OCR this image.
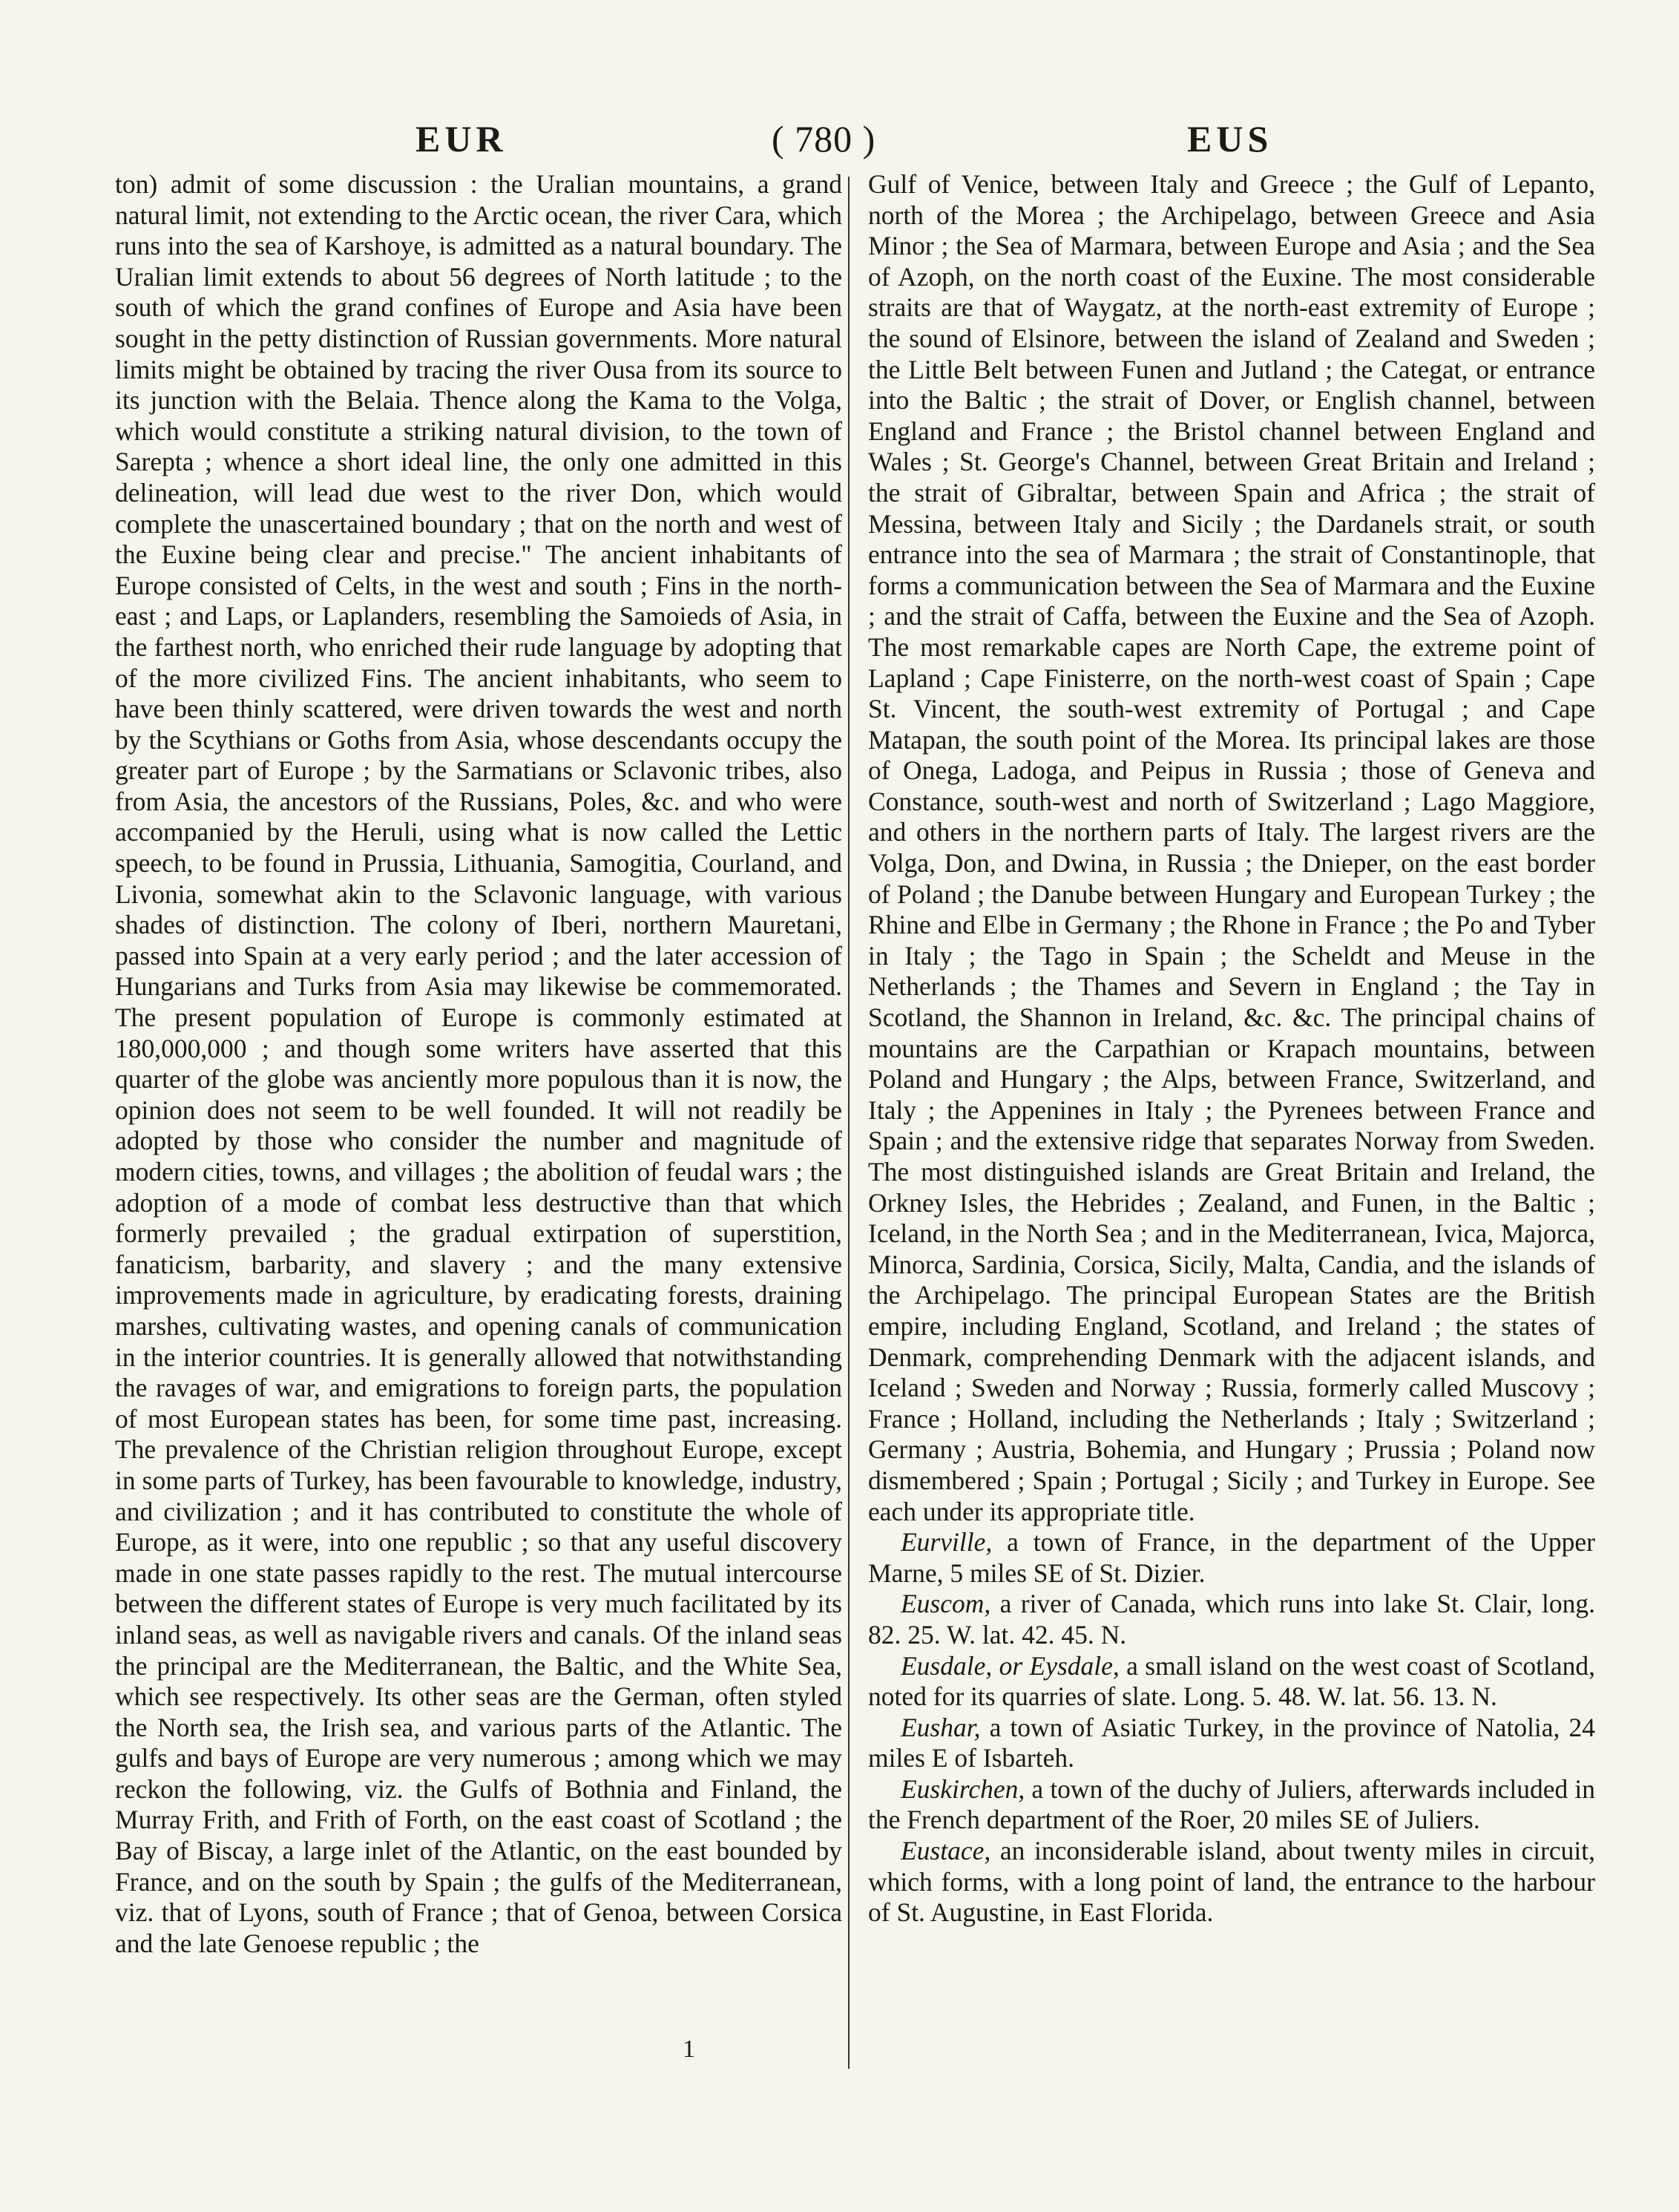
EUR	( 780 )	EUS

ton) admit of some discussion : the Uralian mountains, a grand natural limit, not extending to the Arctic ocean, the river Cara, which runs into the sea of Karshoye, is admitted as a natural boundary. The Uralian limit extends to about 56 degrees of North latitude ; to the south of which the grand confines of Europe and Asia have been sought in the petty distinction of Russian governments. More natural limits might be obtained by tracing the river Ousa from its source to its junction with the Belaia. Thence along the Kama to the Volga, which would constitute a striking natural division, to the town of Sarepta ; whence a short ideal line, the only one admitted in this delineation, will lead due west to the river Don, which would complete the unascertained boundary ; that on the north and west of the Euxine being clear and precise." The ancient inhabitants of Europe consisted of Celts, in the west and south ; Fins in the north-east ; and Laps, or Laplanders, resembling the Samoieds of Asia, in the farthest north, who enriched their rude language by adopting that of the more civilized Fins. The ancient inhabitants, who seem to have been thinly scattered, were driven towards the west and north by the Scythians or Goths from Asia, whose descendants occupy the greater part of Europe ; by the Sarmatians or Sclavonic tribes, also from Asia, the ancestors of the Russians, Poles, &c. and who were accompanied by the Heruli, using what is now called the Lettic speech, to be found in Prussia, Lithuania, Samogitia, Courland, and Livonia, somewhat akin to the Sclavonic language, with various shades of distinction. The colony of Iberi, northern Mauretani, passed into Spain at a very early period ; and the later accession of Hungarians and Turks from Asia may likewise be commemorated. The present population of Europe is commonly estimated at 180,000,000 ; and though some writers have asserted that this quarter of the globe was anciently more populous than it is now, the opinion does not seem to be well founded. It will not readily be adopted by those who consider the number and magnitude of modern cities, towns, and villages ; the abolition of feudal wars ; the adoption of a mode of combat less destructive than that which formerly prevailed ; the gradual extirpation of superstition, fanaticism, barbarity, and slavery ; and the many extensive improvements made in agriculture, by eradicating forests, draining marshes, cultivating wastes, and opening canals of communication in the interior countries. It is generally allowed that notwithstanding the ravages of war, and emigrations to foreign parts, the population of most European states has been, for some time past, increasing. The prevalence of the Christian religion throughout Europe, except in some parts of Turkey, has been favourable to knowledge, industry, and civilization ; and it has contributed to constitute the whole of Europe, as it were, into one republic ; so that any useful discovery made in one state passes rapidly to the rest. The mutual intercourse between the different states of Europe is very much facilitated by its inland seas, as well as navigable rivers and canals. Of the inland seas the principal are the Mediterranean, the Baltic, and the White Sea, which see respectively. Its other seas are the German, often styled the North sea, the Irish sea, and various parts of the Atlantic. The gulfs and bays of Europe are very numerous ; among which we may reckon the following, viz. the Gulfs of Bothnia and Finland, the Murray Frith, and Frith of Forth, on the east coast of Scotland ; the Bay of Biscay, a large inlet of the Atlantic, on the east bounded by France, and on the south by Spain ; the gulfs of the Mediterranean, viz. that of Lyons, south of France ; that of Genoa, between Corsica and the late Genoese republic ; the

Gulf of Venice, between Italy and Greece ; the Gulf of Lepanto, north of the Morea ; the Archipelago, between Greece and Asia Minor ; the Sea of Marmara, between Europe and Asia ; and the Sea of Azoph, on the north coast of the Euxine. The most considerable straits are that of Waygatz, at the north-east extremity of Europe ; the sound of Elsinore, between the island of Zealand and Sweden ; the Little Belt between Funen and Jutland ; the Categat, or entrance into the Baltic ; the strait of Dover, or English channel, between England and France ; the Bristol channel between England and Wales ; St. George's Channel, between Great Britain and Ireland ; the strait of Gibraltar, between Spain and Africa ; the strait of Messina, between Italy and Sicily ; the Dardanels strait, or south entrance into the sea of Marmara ; the strait of Constantinople, that forms a communication between the Sea of Marmara and the Euxine ; and the strait of Caffa, between the Euxine and the Sea of Azoph. The most remarkable capes are North Cape, the extreme point of Lapland ; Cape Finisterre, on the north-west coast of Spain ; Cape St. Vincent, the south-west extremity of Portugal ; and Cape Matapan, the south point of the Morea. Its principal lakes are those of Onega, Ladoga, and Peipus in Russia ; those of Geneva and Constance, south-west and north of Switzerland ; Lago Maggiore, and others in the northern parts of Italy. The largest rivers are the Volga, Don, and Dwina, in Russia ; the Dnieper, on the east border of Poland ; the Danube between Hungary and European Turkey ; the Rhine and Elbe in Germany ; the Rhone in France ; the Po and Tyber in Italy ; the Tago in Spain ; the Scheldt and Meuse in the Netherlands ; the Thames and Severn in England ; the Tay in Scotland, the Shannon in Ireland, &c. &c. The principal chains of mountains are the Carpathian or Krapach mountains, between Poland and Hungary ; the Alps, between France, Switzerland, and Italy ; the Appenines in Italy ; the Pyrenees between France and Spain ; and the extensive ridge that separates Norway from Sweden. The most distinguished islands are Great Britain and Ireland, the Orkney Isles, the Hebrides ; Zealand, and Funen, in the Baltic ; Iceland, in the North Sea ; and in the Mediterranean, Ivica, Majorca, Minorca, Sardinia, Corsica, Sicily, Malta, Candia, and the islands of the Archipelago. The principal European States are the British empire, including England, Scotland, and Ireland ; the states of Denmark, comprehending Denmark with the adjacent islands, and Iceland ; Sweden and Norway ; Russia, formerly called Muscovy ; France ; Holland, including the Netherlands ; Italy ; Switzerland ; Germany ; Austria, Bohemia, and Hungary ; Prussia ; Poland now dismembered ; Spain ; Portugal ; Sicily ; and Turkey in Europe. See each under its appropriate title.

Eurville, a town of France, in the department of the Upper Marne, 5 miles SE of St. Dizier.

Euscom, a river of Canada, which runs into lake St. Clair, long. 82. 25. W. lat. 42. 45. N.

Eusdale, or Eysdale, a small island on the west coast of Scotland, noted for its quarries of slate. Long. 5. 48. W. lat. 56. 13. N.

Eushar, a town of Asiatic Turkey, in the province of Natolia, 24 miles E of Isbarteh.

Euskirchen, a town of the duchy of Juliers, afterwards included in the French department of the Roer, 20 miles SE of Juliers.

Eustace, an inconsiderable island, about twenty miles in circuit, which forms, with a long point of land, the entrance to the harbour of St. Augustine, in East Florida.

1
